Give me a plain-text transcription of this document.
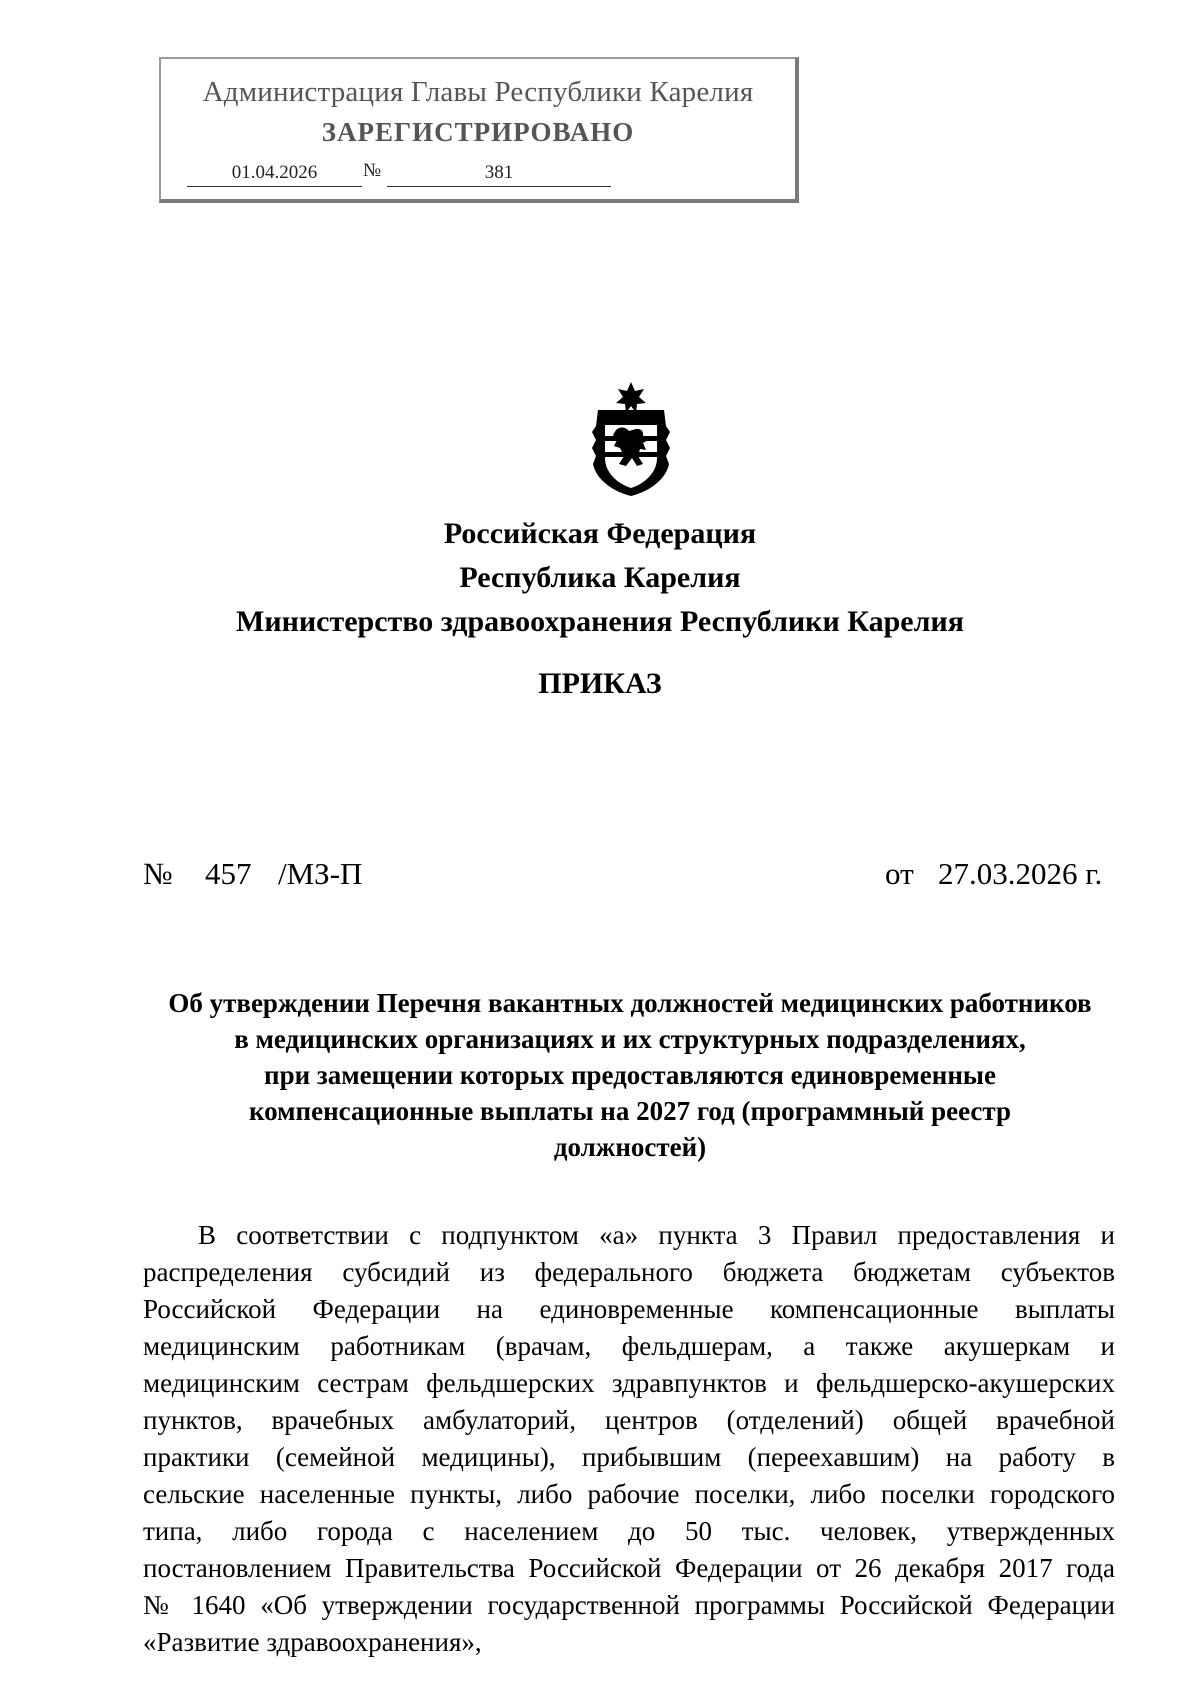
Администрация Главы Республики Карелия
ЗАРЕГИСТРИРОВАНО
01.04.2026	№	381
Российская Федерация
Республика Карелия
Министерство здравоохранения Республики Карелия
ПРИКАЗ
№ 457 /МЗ-П	от 27.03.2026 г.
Об утверждении Перечня вакантных должностей медицинских работников
в медицинских организациях и их структурных подразделениях,
при замещении которых предоставляются единовременные
компенсационные выплаты на 2027 год (программный реестр
должностей)
В соответствии с подпунктом «а» пункта 3 Правил предоставления и
распределения субсидий из федерального бюджета бюджетам субъектов
Российской Федерации на единовременные компенсационные выплаты
медицинским работникам (врачам, фельдшерам, а также акушеркам и
медицинским сестрам фельдшерских здравпунктов и фельдшерско-акушерских
пунктов, врачебных амбулаторий, центров (отделений) общей врачебной
практики (семейной медицины), прибывшим (переехавшим) на работу в
сельские населенные пункты, либо рабочие поселки, либо поселки городского
типа, либо города с населением до 50 тыс. человек, утвержденных
постановлением Правительства Российской Федерации от 26 декабря 2017 года
№ 1640 «Об утверждении государственной программы Российской Федерации
«Развитие здравоохранения»,
